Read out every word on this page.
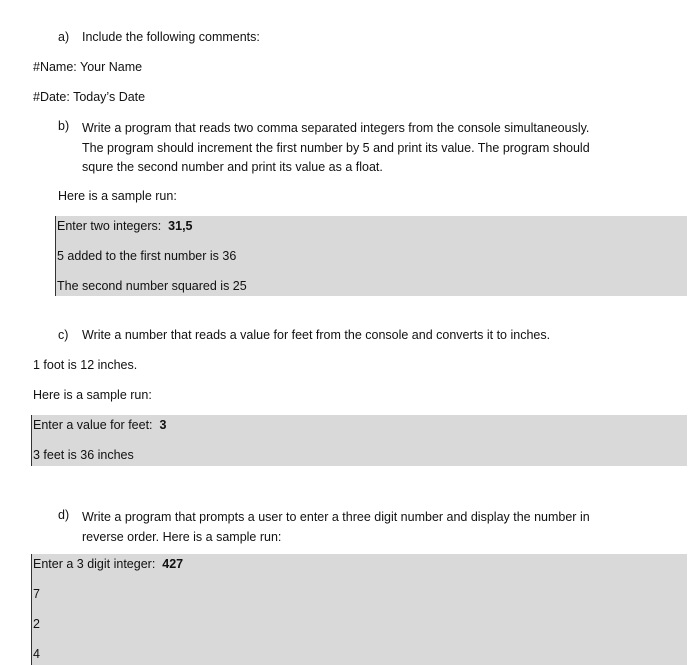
a) Include the following comments:
#Name: Your Name
#Date: Today’s Date
b) Write a program that reads two comma separated integers from the console simultaneously.
The program should increment the first number by 5 and print its value. The program should
squre the second number and print its value as a float.
Here is a sample run:
Enter two integers: 31,5
5 added to the first number is 36
The second number squared is 25
c) Write a number that reads a value for feet from the console and converts it to inches.
1 foot is 12 inches.
Here is a sample run:
Enter a value for feet: 3
3 feet is 36 inches
d) Write a program that prompts a user to enter a three digit number and display the number in
reverse order. Here is a sample run:
Enter a 3 digit integer: 427
7
2
4
